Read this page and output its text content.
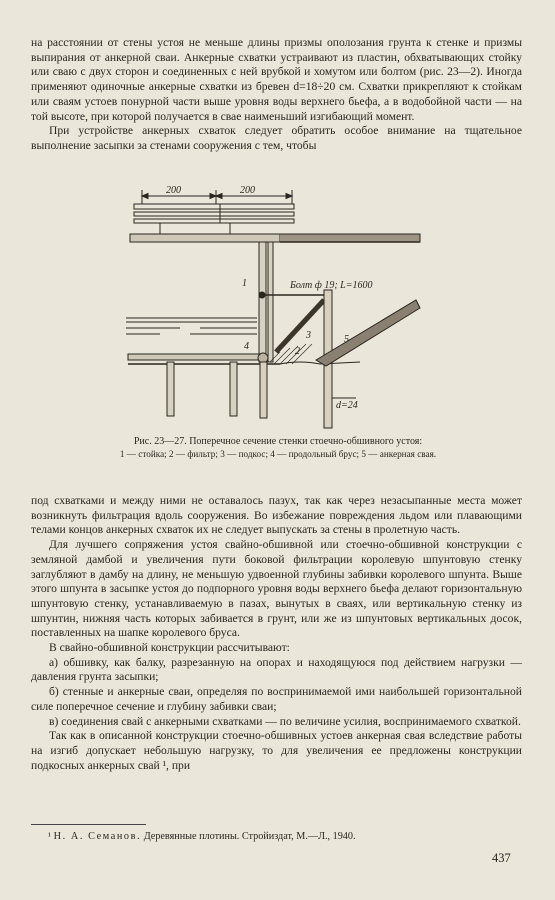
на расстоянии от стены устоя не меньше длины призмы ополозания грунта к стенке и призмы выпирания от анкерной сваи. Анкерные схватки устраивают из пластин, обхватывающих стойку или сваю с двух сторон и соединенных с ней врубкой и хомутом или болтом (рис. 23—2). Иногда применяют одиночные анкерные схватки из бревен d=18÷20 см. Схватки прикрепляют к стойкам или сваям устоев понурной части выше уровня воды верхнего бьефа, а в водобойной части — на той высоте, при которой получается в свае наименьший изгибающий момент.

При устройстве анкерных схваток следует обратить особое внимание на тщательное выполнение засыпки за стенами сооружения с тем, чтобы

200	200
Болт ф 19; L=1600
1
2
3
4
5
d=24
Рис. 23—27. Поперечное сечение стенки стоечно-обшивного устоя:
1 — стойка; 2 — фильтр; 3 — подкос; 4 — продольный брус; 5 — анкерная свая.

под схватками и между ними не оставалось пазух, так как через незасыпанные места может возникнуть фильтрация вдоль сооружения. Во избежание повреждения льдом или плавающими телами концов анкерных схваток их не следует выпускать за стены в пролетную часть.

Для лучшего сопряжения устоя свайно-обшивной или стоечно-обшивной конструкции с земляной дамбой и увеличения пути боковой фильтрации королевую шпунтовую стенку заглубляют в дамбу на длину, не меньшую удвоенной глубины забивки королевого шпунта. Выше этого шпунта в засыпке устоя до подпорного уровня воды верхнего бьефа делают горизонтальную шпунтовую стенку, устанавливаемую в пазах, вынутых в сваях, или вертикальную стенку из шпунтин, нижняя часть которых забивается в грунт, или же из шпунтовых вертикальных досок, поставленных на шапке королевого бруса.

В свайно-обшивной конструкции рассчитывают:

а) обшивку, как балку, разрезанную на опорах и находящуюся под действием нагрузки — давления грунта засыпки;

б) стенные и анкерные сваи, определяя по воспринимаемой ими наибольшей горизонтальной силе поперечное сечение и глубину забивки сваи;

в) соединения свай с анкерными схватками — по величине усилия, воспринимаемого схваткой.

Так как в описанной конструкции стоечно-обшивных устоев анкерная свая вследствие работы на изгиб допускает небольшую нагрузку, то для увеличения ее предложены конструкции подкосных анкерных свай ¹, при

¹ Н. А. Семанов. Деревянные плотины. Стройиздат, М.—Л., 1940.
437
